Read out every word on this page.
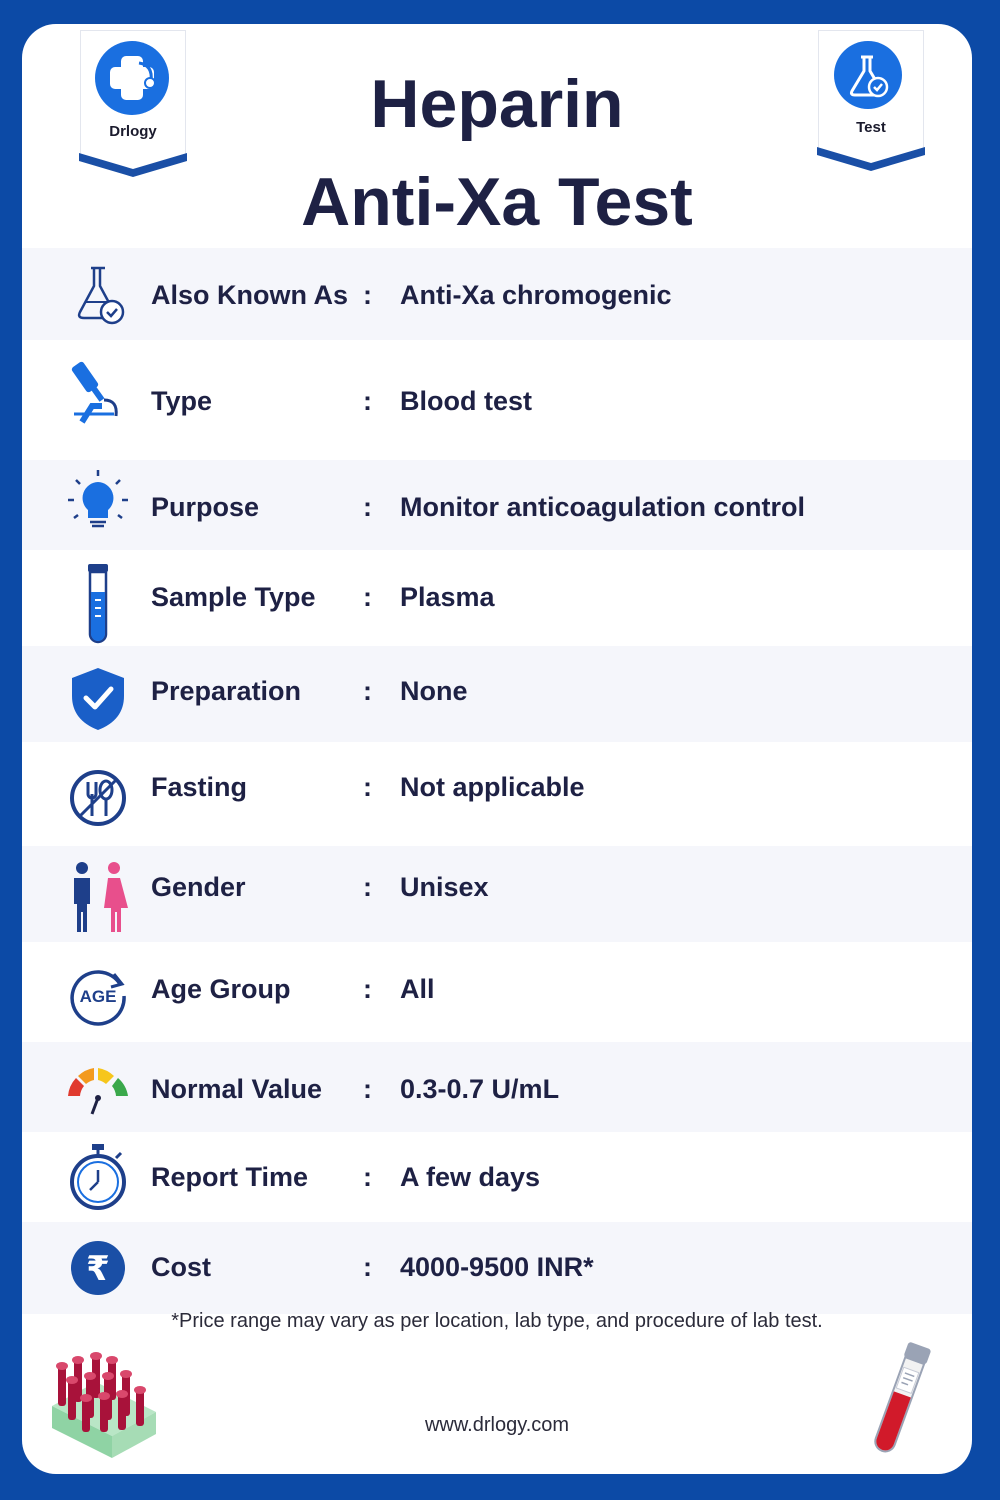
Drlogy	Test
Heparin
Anti-Xa Test
Also Known As : Anti-Xa chromogenic
Type	: Blood test
Purpose	: Monitor anticoagulation control
Sample Type : Plasma
Preparation : None
Fasting	: Not applicable
Gender	: Unisex
AGE Age Group	: All
Normal Value : 0.3-0.7 U/mL
Report Time : A few days
₹ Cost	: 4000-9500 INR*
*Price range may vary as per location, lab type, and procedure of lab test.
www.drlogy.com
